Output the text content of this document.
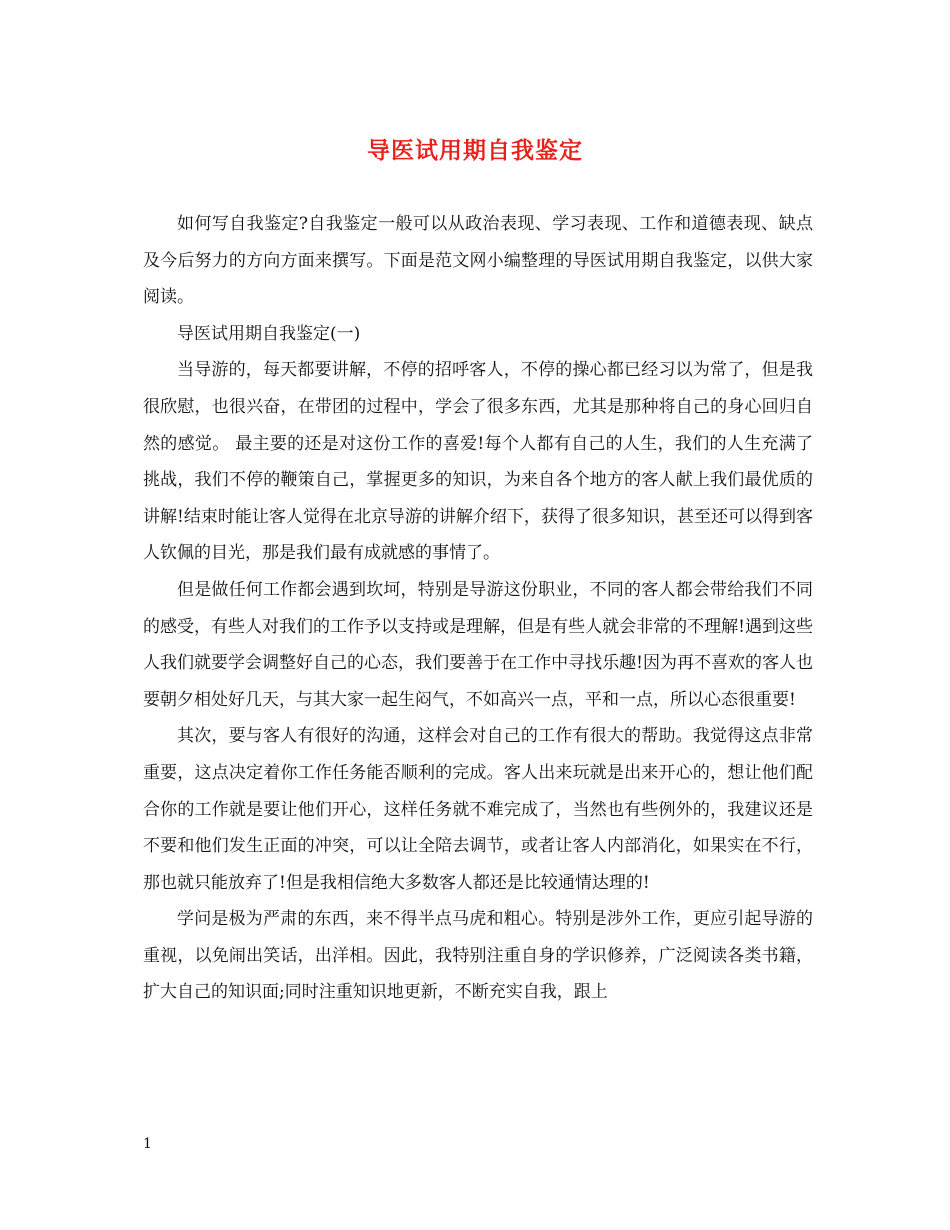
导医试用期自我鉴定

如何写自我鉴定?自我鉴定一般可以从政治表现、学习表现、工作和道德表现、缺点及今后努力的方向方面来撰写。下面是范文网小编整理的导医试用期自我鉴定，以供大家阅读。

导医试用期自我鉴定(一)

当导游的，每天都要讲解，不停的招呼客人，不停的操心都已经习以为常了，但是我很欣慰，也很兴奋，在带团的过程中，学会了很多东西，尤其是那种将自己的身心回归自然的感觉。 最主要的还是对这份工作的喜爱!每个人都有自己的人生，我们的人生充满了挑战，我们不停的鞭策自己，掌握更多的知识，为来自各个地方的客人献上我们最优质的讲解!结束时能让客人觉得在北京导游的讲解介绍下，获得了很多知识，甚至还可以得到客人钦佩的目光，那是我们最有成就感的事情了。

但是做任何工作都会遇到坎坷，特别是导游这份职业，不同的客人都会带给我们不同的感受，有些人对我们的工作予以支持或是理解，但是有些人就会非常的不理解!遇到这些人我们就要学会调整好自己的心态，我们要善于在工作中寻找乐趣!因为再不喜欢的客人也要朝夕相处好几天，与其大家一起生闷气，不如高兴一点，平和一点，所以心态很重要!

其次，要与客人有很好的沟通，这样会对自己的工作有很大的帮助。我觉得这点非常重要，这点决定着你工作任务能否顺利的完成。客人出来玩就是出来开心的，想让他们配合你的工作就是要让他们开心，这样任务就不难完成了，当然也有些例外的，我建议还是不要和他们发生正面的冲突，可以让全陪去调节，或者让客人内部消化，如果实在不行，那也就只能放弃了!但是我相信绝大多数客人都还是比较通情达理的!

学问是极为严肃的东西，来不得半点马虎和粗心。特别是涉外工作，更应引起导游的重视，以免闹出笑话，出洋相。因此，我特别注重自身的学识修养，广泛阅读各类书籍，扩大自己的知识面;同时注重知识地更新，不断充实自我，跟上

1
